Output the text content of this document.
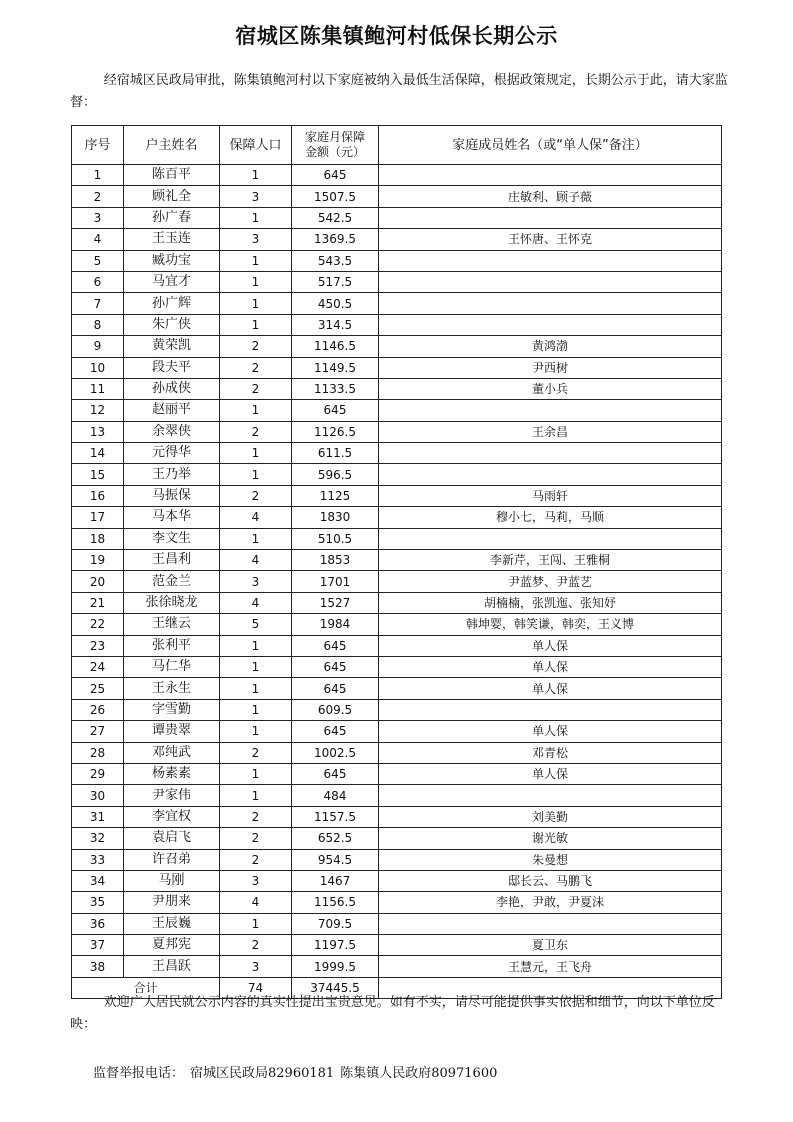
宿城区陈集镇鲍河村低保长期公示

经宿城区民政局审批，陈集镇鲍河村以下家庭被纳入最低生活保障，根据政策规定，长期公示于此，请大家监督：

序号	户主姓名	保障人口	家庭月保障
金额（元）	家庭成员姓名（或“单人保”备注）
1	陈百平	1	645	
2	顾礼全	3	1507.5	庄敏利、顾子薇
3	孙广春	1	542.5	
4	王玉连	3	1369.5	王怀唐、王怀克
5	臧功宝	1	543.5	
6	马宜才	1	517.5	
7	孙广辉	1	450.5	
8	朱广侠	1	314.5	
9	黄荣凯	2	1146.5	黄鸿渤
10	段夫平	2	1149.5	尹西树
11	孙成侠	2	1133.5	董小兵
12	赵丽平	1	645	
13	余翠侠	2	1126.5	王余昌
14	元得华	1	611.5	
15	王乃举	1	596.5	
16	马振保	2	1125	马雨轩
17	马本华	4	1830	穆小七，马莉，马顺
18	李文生	1	510.5	
19	王昌利	4	1853	李新芹，王闯、王雅桐
20	范金兰	3	1701	尹蓝梦、尹蓝艺
21	张徐晓龙	4	1527	胡楠楠，张凯迤、张知妤
22	王继云	5	1984	韩坤婴，韩笑谦，韩奕，王义博
23	张利平	1	645	单人保
24	马仁华	1	645	单人保
25	王永生	1	645	单人保
26	字雪勤	1	609.5	
27	谭贵翠	1	645	单人保
28	邓纯武	2	1002.5	邓青松
29	杨素素	1	645	单人保
30	尹家伟	1	484	
31	李宜权	2	1157.5	刘美勤
32	袁启飞	2	652.5	谢光敏
33	许召弟	2	954.5	朱曼想
34	马刚	3	1467	邸长云、马鹏飞
35	尹朋来	4	1156.5	李艳，尹敢，尹夏沫
36	王辰巍	1	709.5	
37	夏邦宪	2	1197.5	夏卫东
38	王昌跃	3	1999.5	王慧元，王飞舟
合计		74	37445.5	

欢迎广大居民就公示内容的真实性提出宝贵意见。如有不实，请尽可能提供事实依据和细节，向以下单位反映：

监督举报电话： 宿城区民政局82960181 陈集镇人民政府80971600
